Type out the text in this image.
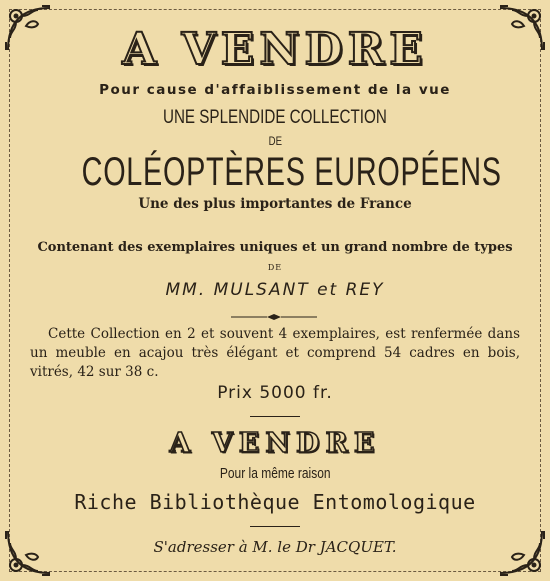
A VENDRE
Pour cause d'affaiblissement de la vue
UNE SPLENDIDE COLLECTION
DE
COLÉOPTÈRES EUROPÉENS
Une des plus importantes de France
Contenant des exemplaires uniques et un grand nombre de types
DE
MM. MULSANT et REY
Cette Collection en 2 et souvent 4 exemplaires, est renfermée dans un meuble en acajou très élégant et comprend 54 cadres en bois, vitrés, 42 sur 38 c.
Prix 5000 fr.
A VENDRE
Pour la même raison
Riche Bibliothèque Entomologique
S'adresser à M. le Dr JACQUET.
